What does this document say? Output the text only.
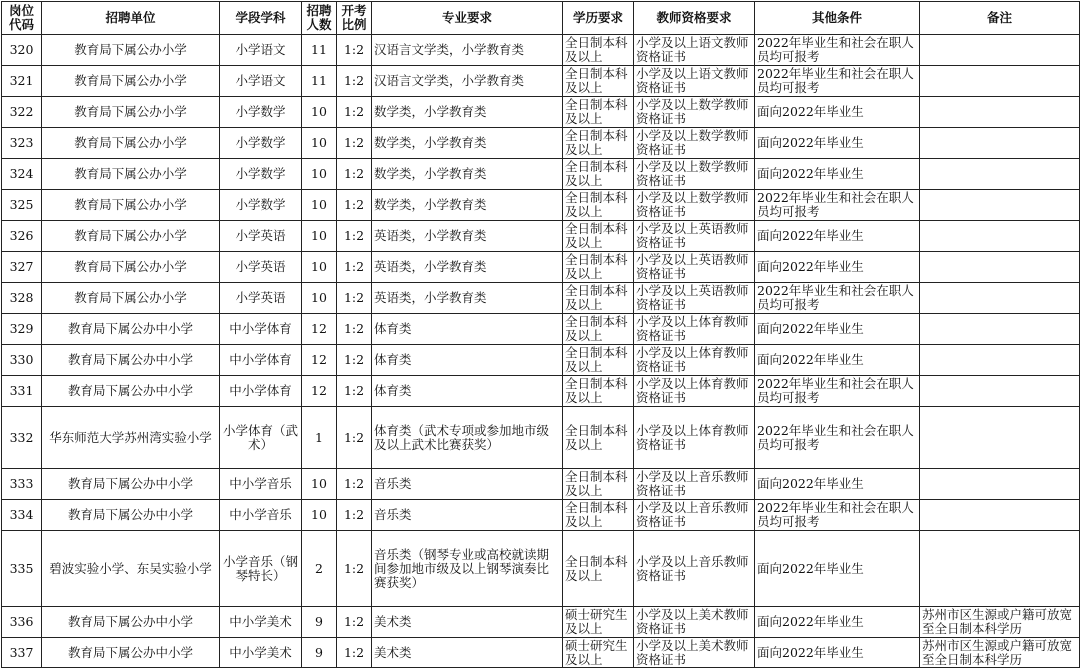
岗位代码	招聘单位	学段学科	招聘人数	开考比例	专业要求	学历要求	教师资格要求	其他条件	备注
320	教育局下属公办小学	小学语文	11	1:2	汉语言文学类，小学教育类	全日制本科及以上	小学及以上语文教师资格证书	2022年毕业生和社会在职人员均可报考	
321	教育局下属公办小学	小学语文	11	1:2	汉语言文学类，小学教育类	全日制本科及以上	小学及以上语文教师资格证书	2022年毕业生和社会在职人员均可报考	
322	教育局下属公办小学	小学数学	10	1:2	数学类，小学教育类	全日制本科及以上	小学及以上数学教师资格证书	面向2022年毕业生	
323	教育局下属公办小学	小学数学	10	1:2	数学类，小学教育类	全日制本科及以上	小学及以上数学教师资格证书	面向2022年毕业生	
324	教育局下属公办小学	小学数学	10	1:2	数学类，小学教育类	全日制本科及以上	小学及以上数学教师资格证书	面向2022年毕业生	
325	教育局下属公办小学	小学数学	10	1:2	数学类，小学教育类	全日制本科及以上	小学及以上数学教师资格证书	2022年毕业生和社会在职人员均可报考	
326	教育局下属公办小学	小学英语	10	1:2	英语类，小学教育类	全日制本科及以上	小学及以上英语教师资格证书	面向2022年毕业生	
327	教育局下属公办小学	小学英语	10	1:2	英语类，小学教育类	全日制本科及以上	小学及以上英语教师资格证书	面向2022年毕业生	
328	教育局下属公办小学	小学英语	10	1:2	英语类，小学教育类	全日制本科及以上	小学及以上英语教师资格证书	2022年毕业生和社会在职人员均可报考	
329	教育局下属公办中小学	中小学体育	12	1:2	体育类	全日制本科及以上	小学及以上体育教师资格证书	面向2022年毕业生	
330	教育局下属公办中小学	中小学体育	12	1:2	体育类	全日制本科及以上	小学及以上体育教师资格证书	面向2022年毕业生	
331	教育局下属公办中小学	中小学体育	12	1:2	体育类	全日制本科及以上	小学及以上体育教师资格证书	2022年毕业生和社会在职人员均可报考	
332	华东师范大学苏州湾实验小学	小学体育（武术）	1	1:2	体育类（武术专项或参加地市级及以上武术比赛获奖）	全日制本科及以上	小学及以上体育教师资格证书	2022年毕业生和社会在职人员均可报考	
333	教育局下属公办中小学	中小学音乐	10	1:2	音乐类	全日制本科及以上	小学及以上音乐教师资格证书	面向2022年毕业生	
334	教育局下属公办中小学	中小学音乐	10	1:2	音乐类	全日制本科及以上	小学及以上音乐教师资格证书	2022年毕业生和社会在职人员均可报考	
335	碧波实验小学、东吴实验小学	小学音乐（钢琴特长）	2	1:2	音乐类（钢琴专业或高校就读期间参加地市级及以上钢琴演奏比赛获奖）	全日制本科及以上	小学及以上音乐教师资格证书	面向2022年毕业生	
336	教育局下属公办中小学	中小学美术	9	1:2	美术类	硕士研究生及以上	小学及以上美术教师资格证书	面向2022年毕业生	苏州市区生源或户籍可放宽至全日制本科学历
337	教育局下属公办中小学	中小学美术	9	1:2	美术类	硕士研究生及以上	小学及以上美术教师资格证书	面向2022年毕业生	苏州市区生源或户籍可放宽至全日制本科学历
